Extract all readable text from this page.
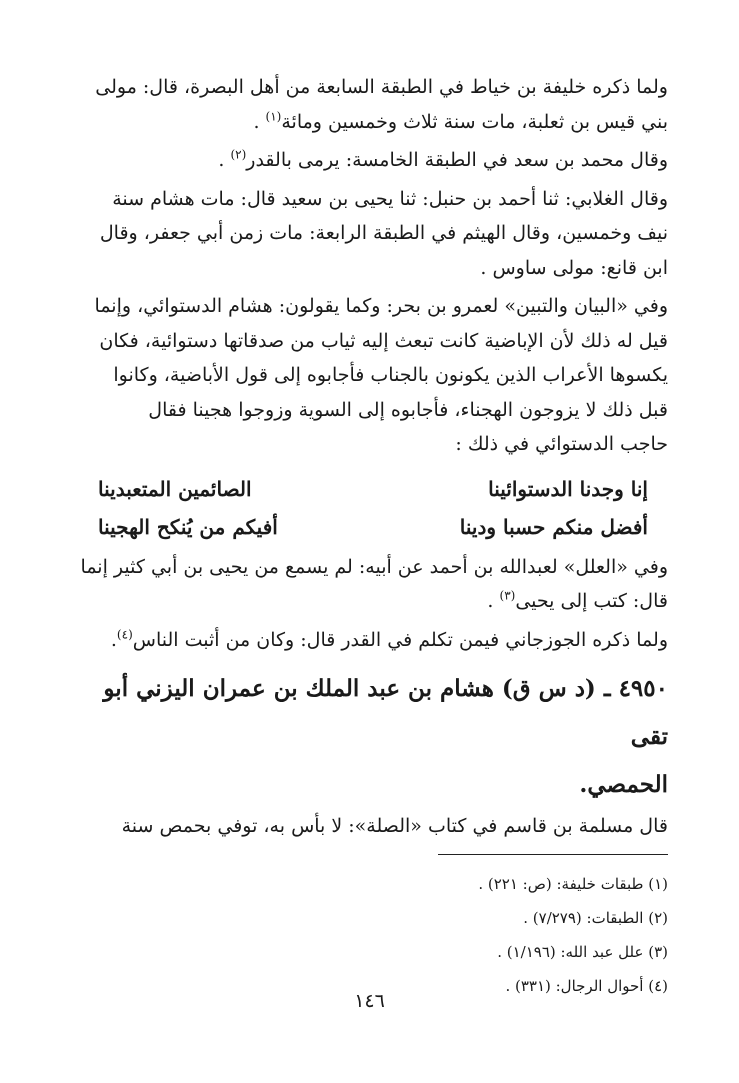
ولما ذكره خليفة بن خياط في الطبقة السابعة من أهل البصرة، قال: مولى
بني قيس بن ثعلبة، مات سنة ثلاث وخمسين ومائة$^{(١)}$ .

وقال محمد بن سعد في الطبقة الخامسة: يرمى بالقدر$^{(٢)}$ .

وقال الغلابي: ثنا أحمد بن حنبل: ثنا يحيى بن سعيد قال: مات هشام سنة
نيف وخمسين، وقال الهيثم في الطبقة الرابعة: مات زمن أبي جعفر، وقال
ابن قانع: مولى ساوس .

وفي «البيان والتبين» لعمرو بن بحر: وكما يقولون: هشام الدستوائي، وإنما
قيل له ذلك لأن الإباضية كانت تبعث إليه ثياب من صدقاتها دستوائية، فكان
يكسوها الأعراب الذين يكونون بالجناب فأجابوه إلى قول الأباضية، وكانوا
قبل ذلك لا يزوجون الهجناء، فأجابوه إلى السوية وزوجوا هجينا فقال
حاجب الدستوائي في ذلك :

إنا وجدنا الدستوائينا
الصائمين المتعبدينا
أفضل منكم حسبا ودينا
أفيكم من يُنكح الهجينا

وفي «العلل» لعبدالله بن أحمد عن أبيه: لم يسمع من يحيى بن أبي كثير إنما
قال: كتب إلى يحيى$^{(٣)}$ .

ولما ذكره الجوزجاني فيمن تكلم في القدر قال: وكان من أثبت الناس$^{(٤)}$.

٤٩٥٠ ـ (د س ق) هشام بن عبد الملك بن عمران اليزني أبو تقى
الحمصي.

قال مسلمة بن قاسم في كتاب «الصلة»: لا بأس به، توفي بحمص سنة

(١) طبقات خليفة: (ص: ٢٢١) .
(٢) الطبقات: (٧/٢٧٩) .
(٣) علل عبد الله: (١/١٩٦) .
(٤) أحوال الرجال: (٣٣١) .
١٤٦
